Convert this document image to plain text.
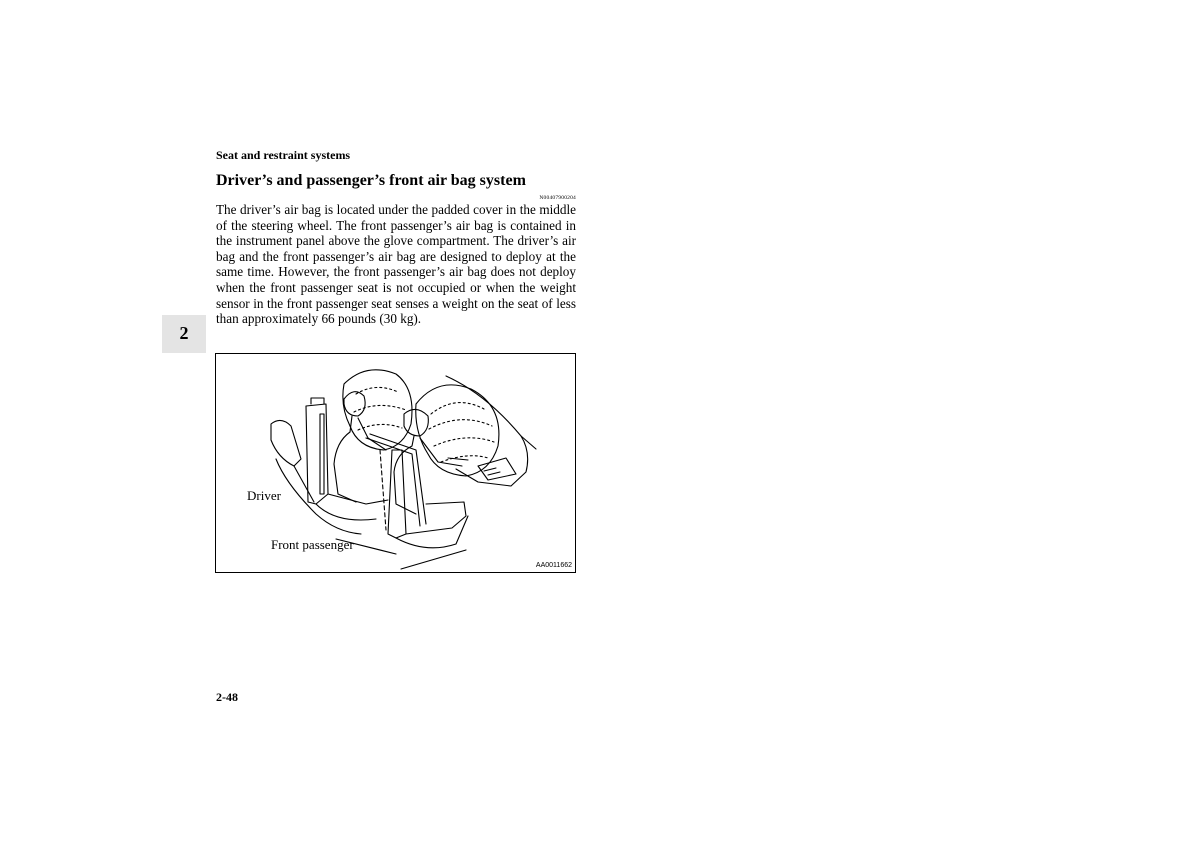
Seat and restraint systems
Driver’s and passenger’s front air bag system
N00407900204
The driver’s air bag is located under the padded cover in the middle of the steering wheel. The front passenger’s air bag is contained in the instrument panel above the glove compartment. The driver’s air bag and the front passenger’s air bag are designed to deploy at the same time. However, the front passenger’s air bag does not deploy when the front passenger seat is not occupied or when the weight sensor in the front passenger seat senses a weight on the seat of less than approximately 66 pounds (30 kg).
2
Driver
Front passenger
AA0011662
2-48
